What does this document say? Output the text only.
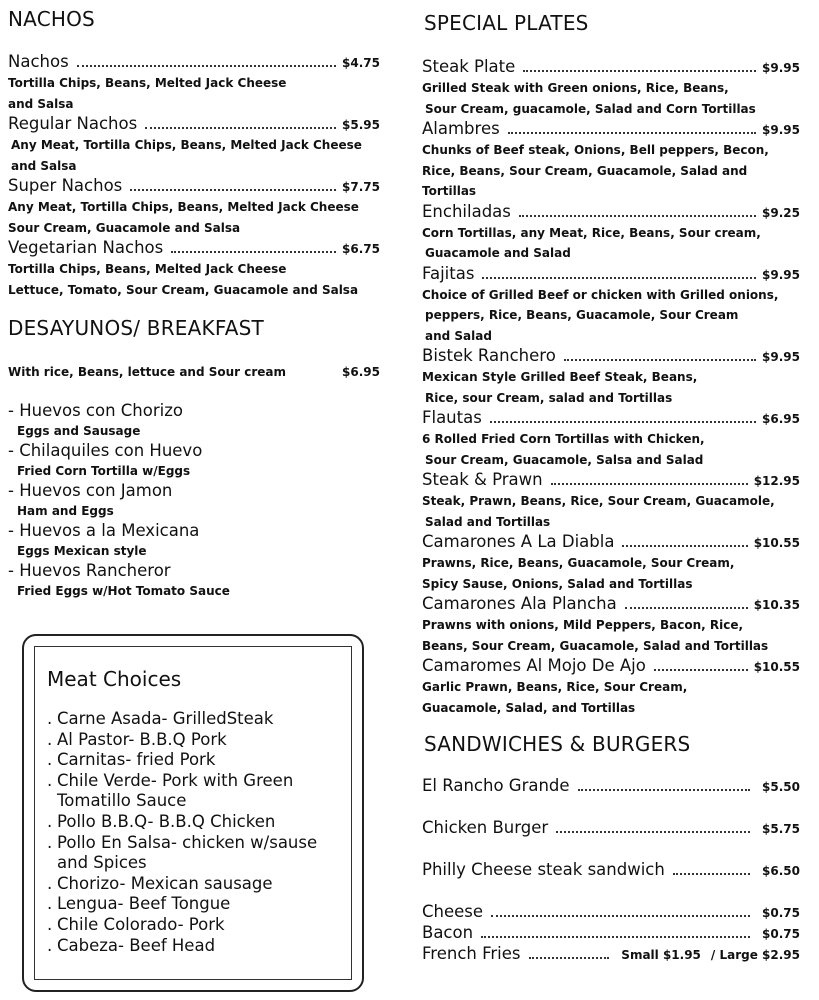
NACHOS
Nachos	$4.75
Tortilla Chips, Beans, Melted Jack Cheese
and Salsa
Regular Nachos	$5.95
Any Meat, Tortilla Chips, Beans, Melted Jack Cheese
and Salsa
Super Nachos	$7.75
Any Meat, Tortilla Chips, Beans, Melted Jack Cheese
Sour Cream, Guacamole and Salsa
Vegetarian Nachos	$6.75
Tortilla Chips, Beans, Melted Jack Cheese
Lettuce, Tomato, Sour Cream, Guacamole and Salsa
DESAYUNOS/ BREAKFAST
With rice, Beans, lettuce and Sour cream	$6.95
- Huevos con Chorizo
Eggs and Sausage
- Chilaquiles con Huevo
Fried Corn Tortilla w/Eggs
- Huevos con Jamon
Ham and Eggs
- Huevos a la Mexicana
Eggs Mexican style
- Huevos Rancheror
Fried Eggs w/Hot Tomato Sauce
Meat Choices
. Carne Asada- GrilledSteak
. Al Pastor- B.B.Q Pork
. Carnitas- fried Pork
. Chile Verde- Pork with Green Tomatillo Sauce
. Pollo B.B.Q- B.B.Q Chicken
. Pollo En Salsa- chicken w/sause and Spices
. Chorizo- Mexican sausage
. Lengua- Beef Tongue
. Chile Colorado- Pork
. Cabeza- Beef Head
SPECIAL PLATES
Steak Plate	$9.95
Grilled Steak with Green onions, Rice, Beans,
Sour Cream, guacamole, Salad and Corn Tortillas
Alambres	$9.95
Chunks of Beef steak, Onions, Bell peppers, Becon,
Rice, Beans, Sour Cream, Guacamole, Salad and
Tortillas
Enchiladas	$9.25
Corn Tortillas, any Meat, Rice, Beans, Sour cream,
Guacamole and Salad
Fajitas	$9.95
Choice of Grilled Beef or chicken with Grilled onions,
peppers, Rice, Beans, Guacamole, Sour Cream
and Salad
Bistek Ranchero	$9.95
Mexican Style Grilled Beef Steak, Beans,
Rice, sour Cream, salad and Tortillas
Flautas	$6.95
6 Rolled Fried Corn Tortillas with Chicken,
Sour Cream, Guacamole, Salsa and Salad
Steak & Prawn	$12.95
Steak, Prawn, Beans, Rice, Sour Cream, Guacamole,
Salad and Tortillas
Camarones A La Diabla	$10.55
Prawns, Rice, Beans, Guacamole, Sour Cream,
Spicy Sause, Onions, Salad and Tortillas
Camarones Ala Plancha	$10.35
Prawns with onions, Mild Peppers, Bacon, Rice,
Beans, Sour Cream, Guacamole, Salad and Tortillas
Camaromes Al Mojo De Ajo	$10.55
Garlic Prawn, Beans, Rice, Sour Cream,
Guacamole, Salad, and Tortillas
SANDWICHES & BURGERS
El Rancho Grande	$5.50
Chicken Burger	$5.75
Philly Cheese steak sandwich	$6.50
Cheese	$0.75
Bacon	$0.75
French Fries	Small $1.95 / Large $2.95
